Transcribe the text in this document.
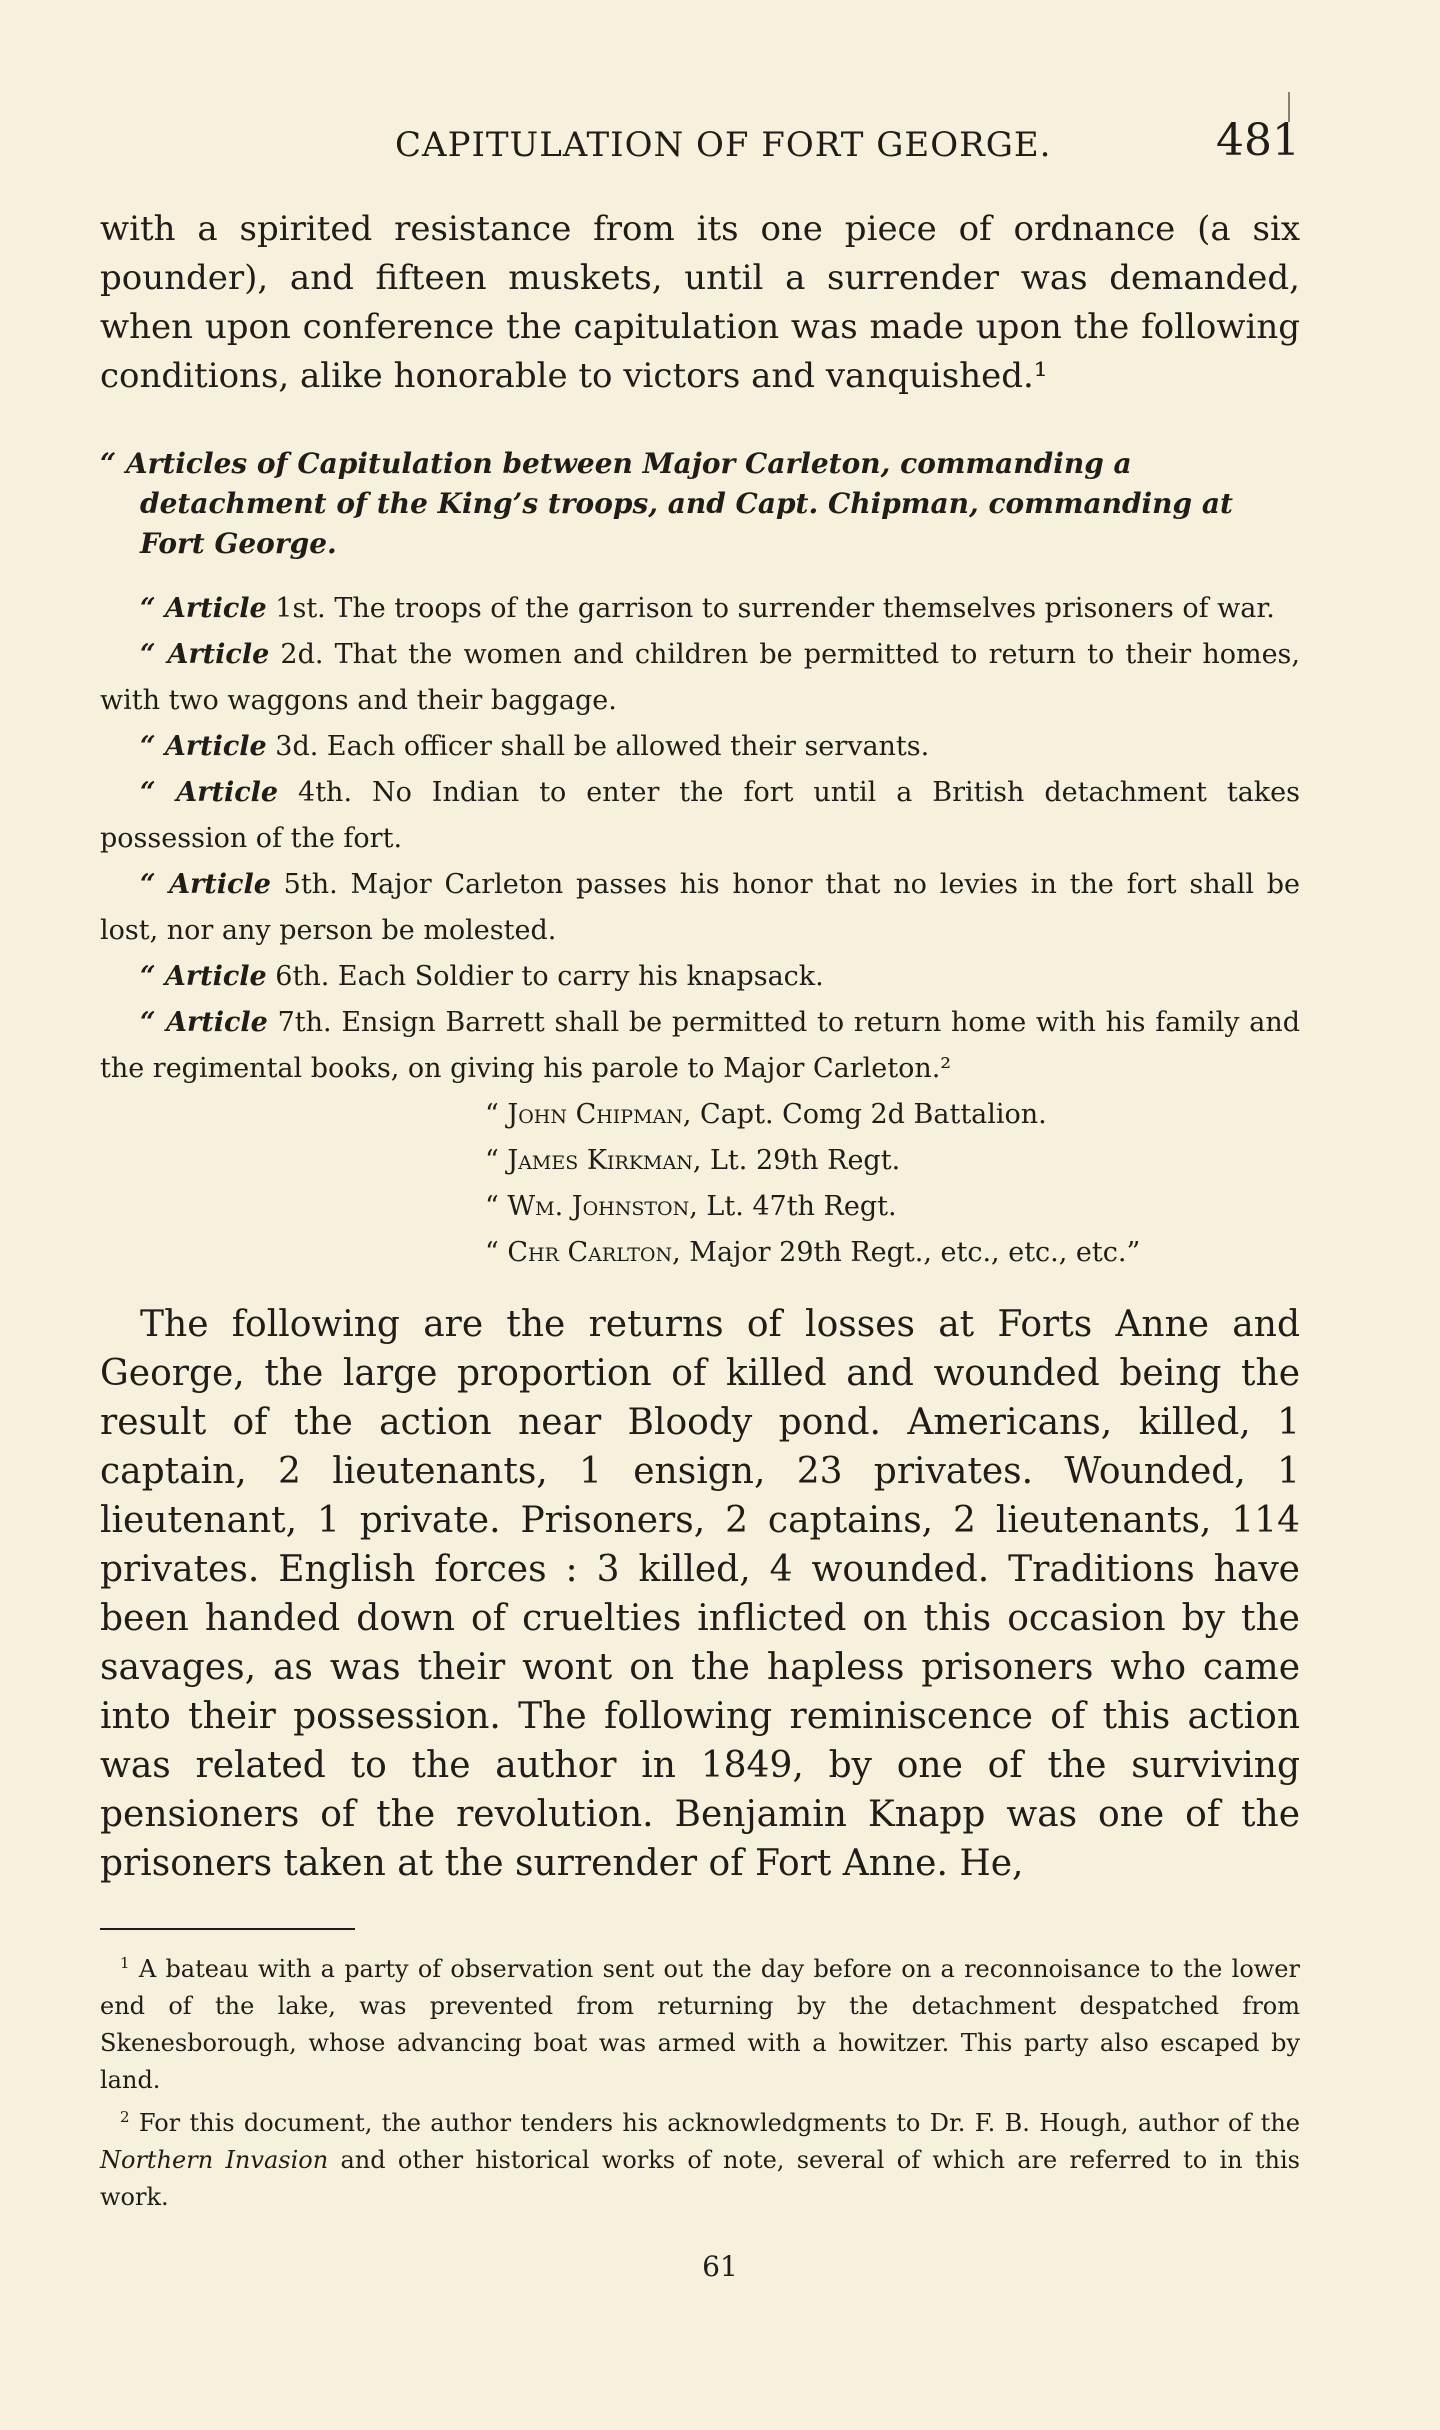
CAPITULATION OF FORT GEORGE.	481

with a spirited resistance from its one piece of ordnance (a six pounder), and fifteen muskets, until a surrender was demanded, when upon conference the capitulation was made upon the following conditions, alike honorable to victors and vanquished.¹

“ Articles of Capitulation between Major Carleton, commanding a detachment of the King’s troops, and Capt. Chipman, commanding at Fort George.

“ Article 1st. The troops of the garrison to surrender themselves prisoners of war.

“ Article 2d. That the women and children be permitted to return to their homes, with two waggons and their baggage.

“ Article 3d. Each officer shall be allowed their servants.

“ Article 4th. No Indian to enter the fort until a British detachment takes possession of the fort.

“ Article 5th. Major Carleton passes his honor that no levies in the fort shall be lost, nor any person be molested.

“ Article 6th. Each Soldier to carry his knapsack.

“ Article 7th. Ensign Barrett shall be permitted to return home with his family and the regimental books, on giving his parole to Major Carleton.²

“ John Chipman, Capt. Comg 2d Battalion.
“ James Kirkman, Lt. 29th Regt.
“ Wm. Johnston, Lt. 47th Regt.
“ Chr Carlton, Major 29th Regt., etc., etc., etc.”

The following are the returns of losses at Forts Anne and George, the large proportion of killed and wounded being the result of the action near Bloody pond. Americans, killed, 1 captain, 2 lieutenants, 1 ensign, 23 privates. Wounded, 1 lieutenant, 1 private. Prisoners, 2 captains, 2 lieutenants, 114 privates. English forces : 3 killed, 4 wounded. Traditions have been handed down of cruelties inflicted on this occasion by the savages, as was their wont on the hapless prisoners who came into their possession. The following reminiscence of this action was related to the author in 1849, by one of the surviving pensioners of the revolution. Benjamin Knapp was one of the prisoners taken at the surrender of Fort Anne. He,

$^1$ A bateau with a party of observation sent out the day before on a reconnoisance to the lower end of the lake, was prevented from returning by the detachment despatched from Skenesborough, whose advancing boat was armed with a howitzer. This party also escaped by land.

$^2$ For this document, the author tenders his acknowledgments to Dr. F. B. Hough, author of the Northern Invasion and other historical works of note, several of which are referred to in this work.

61
